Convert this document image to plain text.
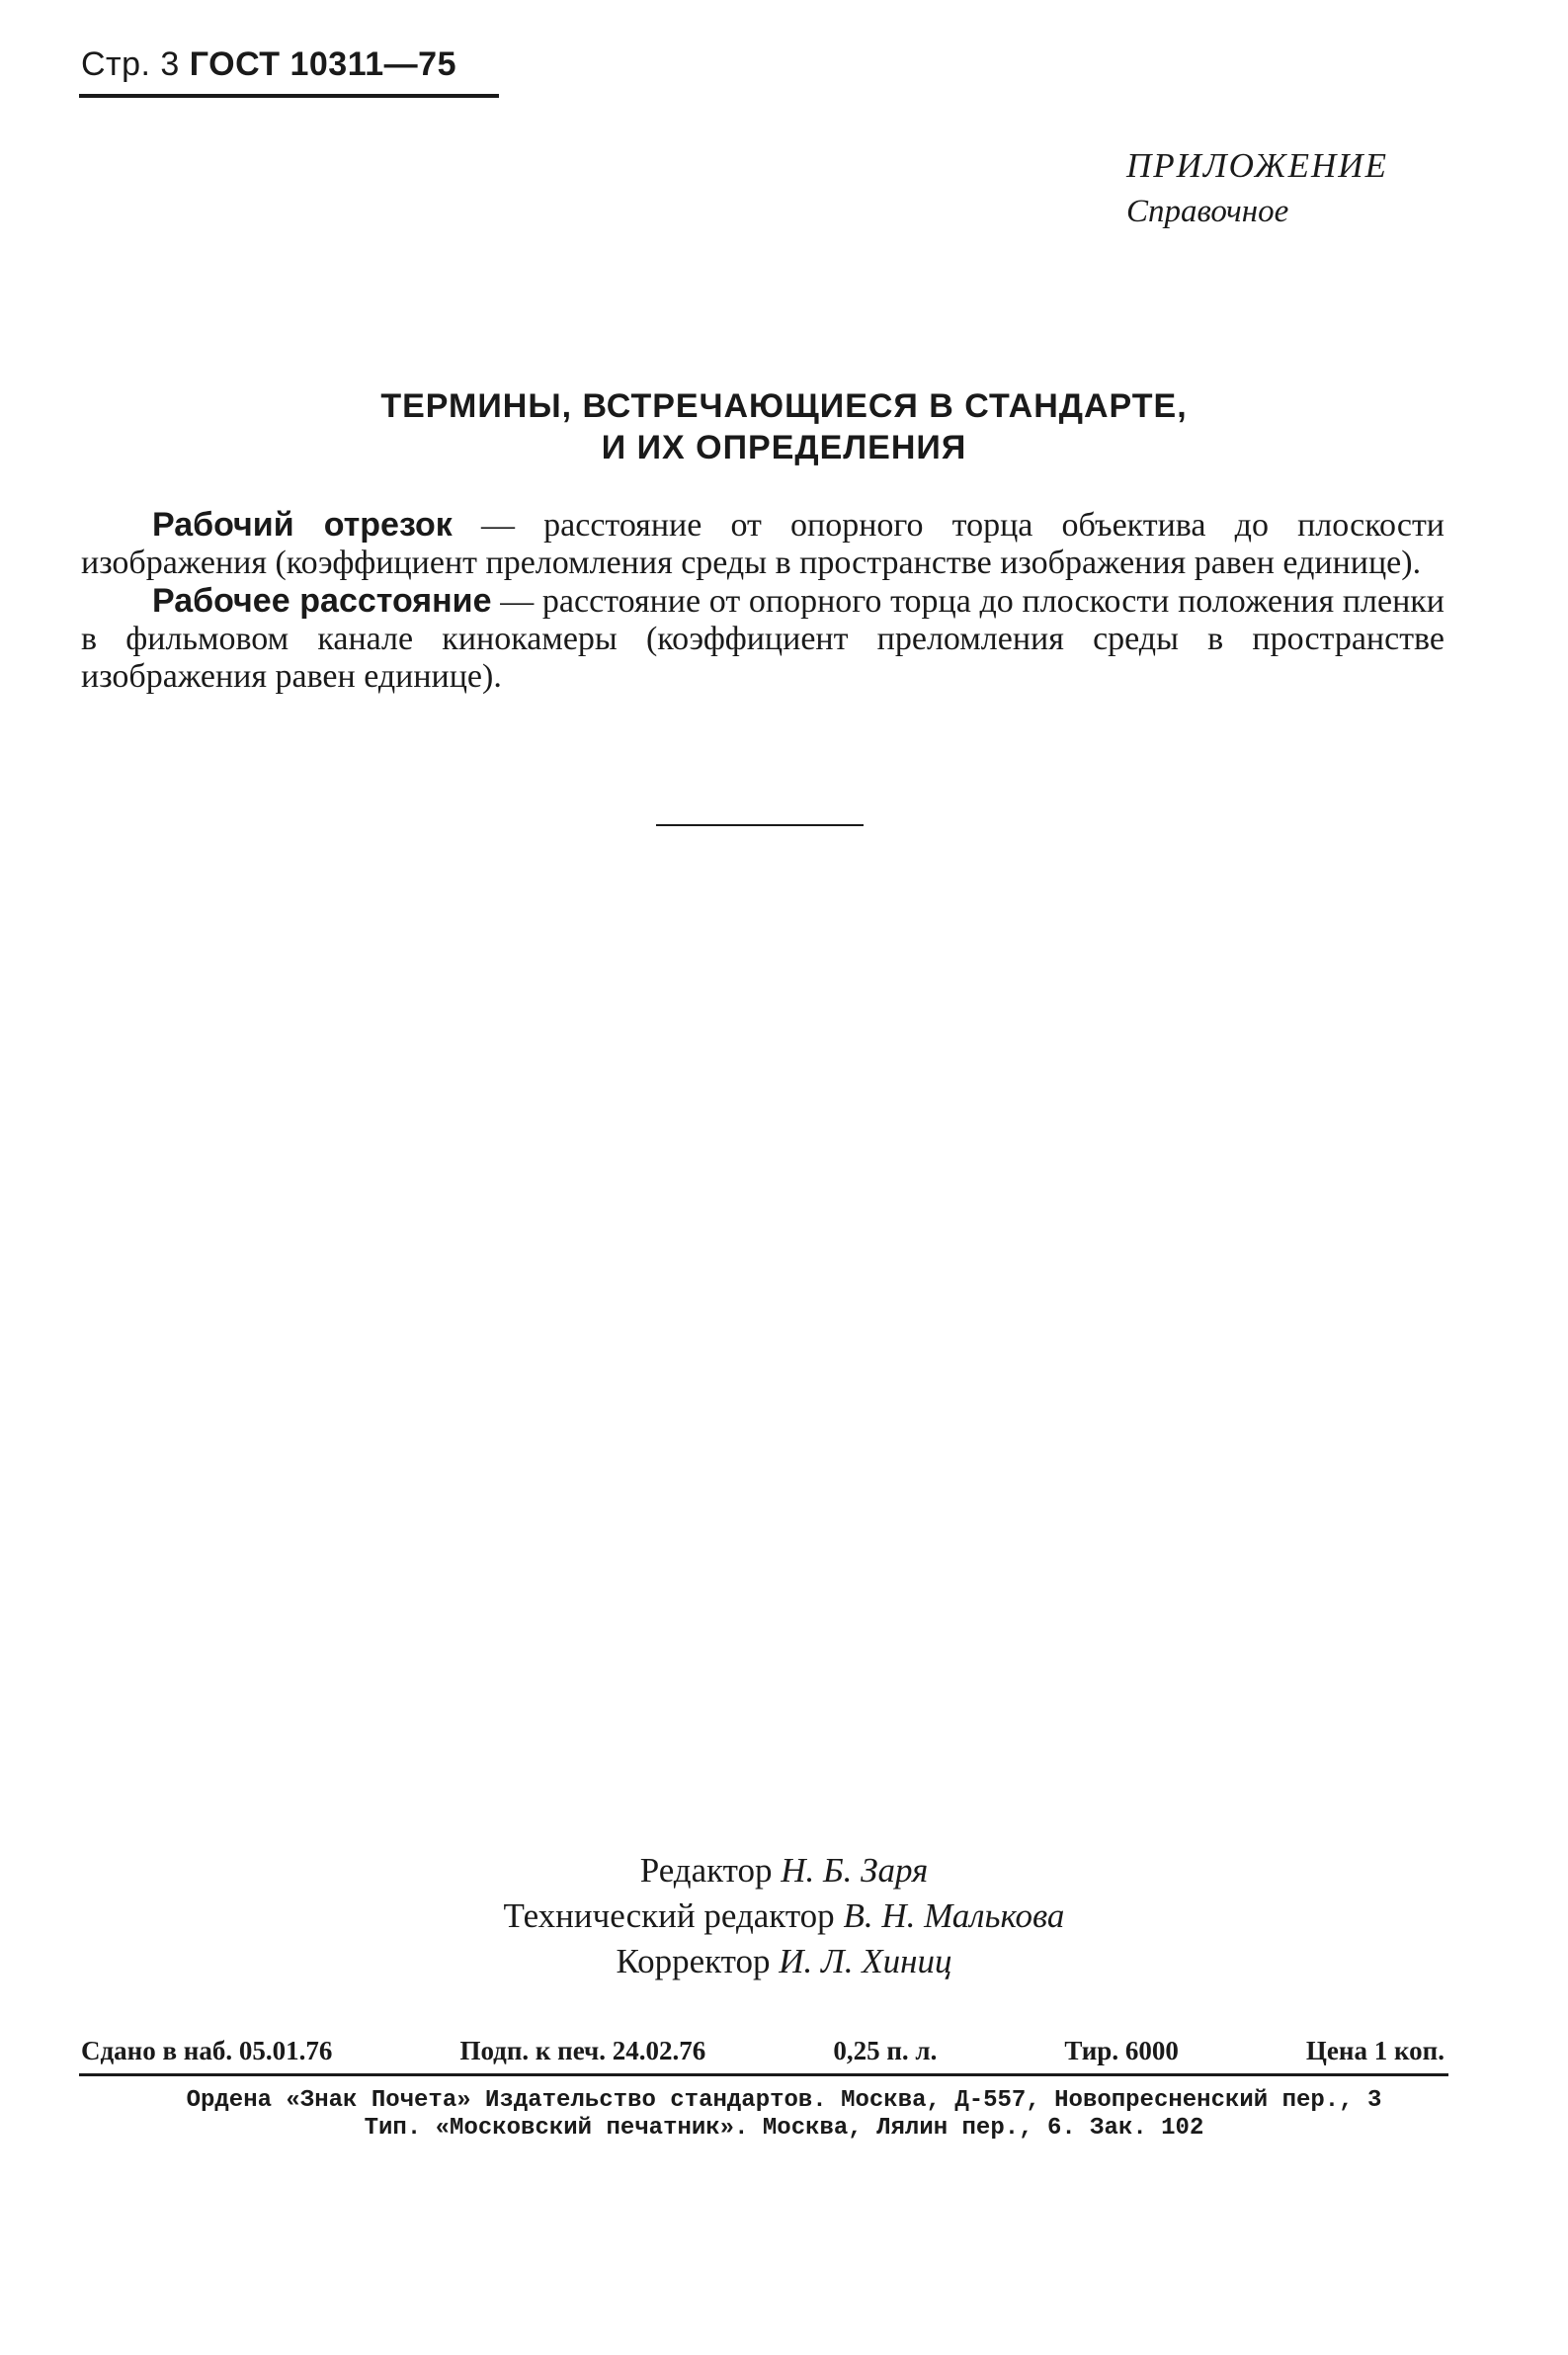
Стр. 3 ГОСТ 10311—75
ПРИЛОЖЕНИЕ
Справочное
ТЕРМИНЫ, ВСТРЕЧАЮЩИЕСЯ В СТАНДАРТЕ,
И ИХ ОПРЕДЕЛЕНИЯ

Рабочий отрезок — расстояние от опорного торца объектива до плоскости изображения (коэффициент преломления среды в пространстве изображения равен единице).

Рабочее расстояние — расстояние от опорного торца до плоскости положения пленки в фильмовом канале кинокамеры (коэффициент преломления среды в пространстве изображения равен единице).

Редактор Н. Б. Заря
Технический редактор В. Н. Малькова
Корректор И. Л. Хиниц
Сдано в наб. 05.01.76	Подп. к печ. 24.02.76	0,25 п. л.	Тир. 6000	Цена 1 коп.
Ордена «Знак Почета» Издательство стандартов. Москва, Д-557, Новопресненский пер., 3
Тип. «Московский печатник». Москва, Лялин пер., 6. Зак. 102
